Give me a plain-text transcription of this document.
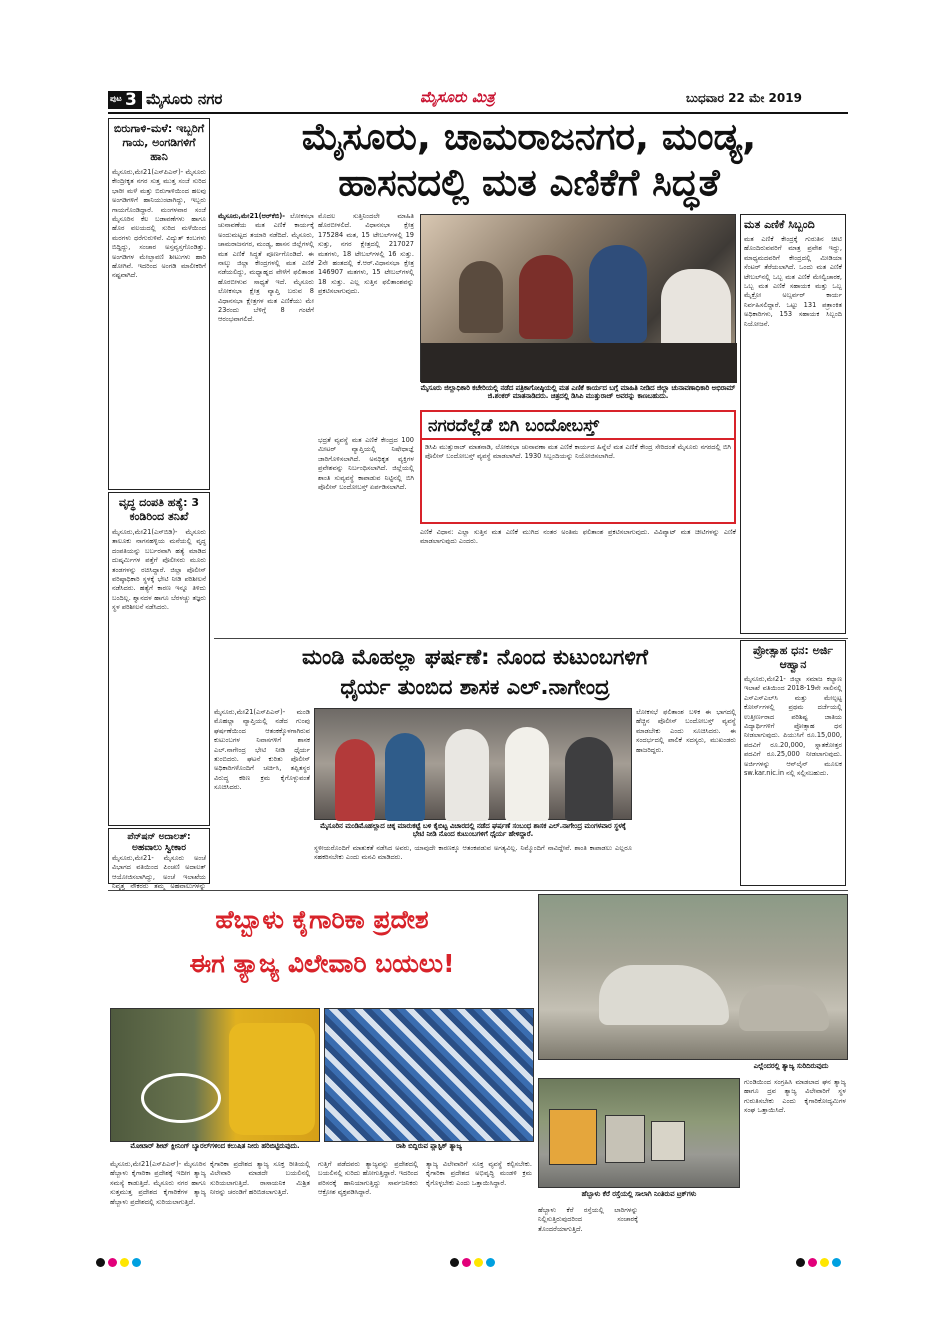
ಪುಟ 3 ಮೈಸೂರು ನಗರ	ಮೈಸೂರು ಮಿತ್ರ	ಬುಧವಾರ 22 ಮೇ 2019
ಮೈಸೂರು, ಚಾಮರಾಜನಗರ, ಮಂಡ್ಯ,
ಹಾಸನದಲ್ಲಿ ಮತ ಎಣಿಕೆಗೆ ಸಿದ್ಧತೆ
ಬಿರುಗಾಳಿ-ಮಳೆ: ಇಬ್ಬರಿಗೆ ಗಾಯ, ಅಂಗಡಿಗಳಿಗೆ ಹಾನಿ
ಮೈಸೂರು,ಮೇ21(ಎಸ್‌ಪಿಎನ್)- ಮೈಸೂರು ಕೇಂದ್ರೀಕೃತ ನಗರ ಸುತ್ತ ಮುತ್ತ ಸಂಜೆ ಸುರಿದ ಭಾರೀ ಮಳೆ ಮತ್ತು ಬಿರುಗಾಳಿಯಿಂದ ಹಲವು ಅಂಗಡಿಗಳಿಗೆ ಹಾನಿಯುಂಟಾಗಿದ್ದು, ಇಬ್ಬರು ಗಾಯಗೊಂಡಿದ್ದಾರೆ. ಮಂಗಳವಾರ ಸಂಜೆ ಮೈಸೂರಿನ ಕೆಲ ಬಡಾವಣೆಗಳು ಹಾಗೂ ಹೊರ ವಲಯದಲ್ಲಿ ಸುರಿದ ಮಳೆಯಿಂದ ಮರಗಳು ಧರೆಗುರುಳಿವೆ. ವಿದ್ಯುತ್ ಕಂಬಗಳು ಬಿದ್ದಿದ್ದು, ಸಂಚಾರ ಅಸ್ತವ್ಯಸ್ತಗೊಂಡಿತ್ತು. ಅಂಗಡಿಗಳ ಮೇಲ್ಛಾವಣಿ ಶೀಟುಗಳು ಹಾರಿ ಹೋಗಿವೆ. ಇದರಿಂದ ಅಂಗಡಿ ಮಾಲೀಕರಿಗೆ ನಷ್ಟವಾಗಿದೆ.
ವೃದ್ಧ ದಂಪತಿ ಹತ್ಯೆ: 3 ಕಂಡಿರಿಂದ ತನಿಖೆ
ಮೈಸೂರು,ಮೇ21(ಎಸ್‌ಬಿಡಿ)- ಮೈಸೂರು ತಾಲೂಕು ನಾಗನಹಳ್ಳಿಯ ಮನೆಯಲ್ಲಿ ವೃದ್ಧ ದಂಪತಿಯನ್ನು ಬರ್ಬರವಾಗಿ ಹತ್ಯೆ ಮಾಡಿದ ದುಷ್ಕರ್ಮಿಗಳ ಪತ್ತೆಗೆ ಪೊಲೀಸರು ಮೂರು ತಂಡಗಳನ್ನು ರಚಿಸಿದ್ದಾರೆ. ಜಿಲ್ಲಾ ಪೊಲೀಸ್ ವರಿಷ್ಠಾಧಿಕಾರಿ ಸ್ಥಳಕ್ಕೆ ಭೇಟಿ ನೀಡಿ ಪರಿಶೀಲನೆ ನಡೆಸಿದರು. ಹತ್ಯೆಗೆ ಕಾರಣ ಇನ್ನೂ ತಿಳಿದು ಬಂದಿಲ್ಲ. ಶ್ವಾನದಳ ಹಾಗೂ ಬೆರಳಚ್ಚು ತಜ್ಞರು ಸ್ಥಳ ಪರಿಶೀಲನೆ ನಡೆಸಿದರು.
ಪೆನ್‌ಷನ್ ಅದಾಲತ್: ಅಹವಾಲು ಸ್ವೀಕಾರ
ಮೈಸೂರು,ಮೇ21- ಮೈಸೂರು ಅಂಚೆ ವಿಭಾಗದ ವತಿಯಿಂದ ಪಿಂಚಣಿ ಅದಾಲತ್ ಆಯೋಜಿಸಲಾಗಿದ್ದು, ಅಂಚೆ ಇಲಾಖೆಯ ನಿವೃತ್ತ ನೌಕರರು ತಮ್ಮ ಅಹವಾಲುಗಳನ್ನು
ಮೈಸೂರು,ಮೇ21(ಆರ್‌ಕೆಬಿ)- ಲೋಕಸಭಾ ಚುನಾವಣೆಯ ಮತ ಎಣಿಕೆ ಕಾರ್ಯಕ್ಕೆ ಅಂದುಮಟ್ಟದ ತಯಾರಿ ನಡೆದಿದೆ. ಮೈಸೂರು, ಚಾಮರಾಜನಗರ, ಮಂಡ್ಯ, ಹಾಸನ ಜಿಲ್ಲೆಗಳಲ್ಲಿ ಮತ ಎಣಿಕೆ ಸಿದ್ಧತೆ ಪೂರ್ಣಗೊಂಡಿದೆ. ಈ ನಾಲ್ಕು ಜಿಲ್ಲಾ ಕೇಂದ್ರಗಳಲ್ಲಿ ಮತ ಎಣಿಕೆ ನಡೆಯಲಿದ್ದು, ಮಧ್ಯಾಹ್ನದ ವೇಳೆಗೆ ಫಲಿತಾಂಶ ಹೊರಬೀಳುವ ಸಾಧ್ಯತೆ ಇದೆ. ಮೈಸೂರು ಲೋಕಸಭಾ ಕ್ಷೇತ್ರ ವ್ಯಾಪ್ತಿ ಬರುವ 8 ವಿಧಾನಸಭಾ ಕ್ಷೇತ್ರಗಳ ಮತ ಎಣಿಕೆಯು ಮೇ 23ರಂದು ಬೆಳಿಗ್ಗೆ 8 ಗಂಟೆಗೆ ಆರಂಭವಾಗಲಿದೆ.
ಮೊದಲ ಸುತ್ತಿನಿಂದಲೇ ಮಾಹಿತಿ ಹೊರಬೀಳಲಿದೆ. ವಿಧಾನಸಭಾ ಕ್ಷೇತ್ರ 175284 ಮತ, 15 ಟೇಬಲ್‌ಗಳಲ್ಲಿ 19 ಸುತ್ತು, ನಗರ ಕ್ಷೇತ್ರದಲ್ಲಿ 217027 ಮತಗಳು, 18 ಟೇಬಲ್‌ಗಳಲ್ಲಿ 16 ಸುತ್ತು. 2ನೇ ಹಂತದಲ್ಲಿ ಕೆ.ಆರ್.ವಿಧಾನಸಭಾ ಕ್ಷೇತ್ರ 146907 ಮತಗಳು, 15 ಟೇಬಲ್‌ಗಳಲ್ಲಿ 18 ಸುತ್ತು. ಎಲ್ಲ ಸುತ್ತಿನ ಫಲಿತಾಂಶವನ್ನು ಪ್ರಕಟಿಸಲಾಗುವುದು.
ಮೈಸೂರು ಜಿಲ್ಲಾಧಿಕಾರಿ ಕಚೇರಿಯಲ್ಲಿ ನಡೆದ ಪತ್ರಿಕಾಗೋಷ್ಠಿಯಲ್ಲಿ ಮತ ಎಣಿಕೆ ಕಾರ್ಯದ ಬಗ್ಗೆ ಮಾಹಿತಿ ನೀಡಿದ ಜಿಲ್ಲಾ ಚುನಾವಣಾಧಿಕಾರಿ ಅಭಿರಾಮ್ ಜಿ.ಶಂಕರ್ ಮಾತನಾಡಿದರು. ಚಿತ್ರದಲ್ಲಿ ಡಿಸಿಪಿ ಮುತ್ತುರಾಜ್ ಅವರನ್ನು ಕಾಣಬಹುದು.
ನಗರದೆಲ್ಲೆಡೆ ಬಿಗಿ ಬಂದೋಬಸ್ತ್
ಡಿಸಿಪಿ ಮುತ್ತುರಾಜ್ ಮಾತನಾಡಿ, ಲೋಕಸಭಾ ಚುನಾವಣಾ ಮತ ಎಣಿಕೆ ಕಾರ್ಯದ ಹಿನ್ನೆಲೆ ಮತ ಎಣಿಕೆ ಕೇಂದ್ರ ಸೇರಿದಂತೆ ಮೈಸೂರು ನಗರದಲ್ಲಿ ಬಿಗಿ ಪೊಲೀಸ್ ಬಂದೋಬಸ್ತ್ ವ್ಯವಸ್ಥೆ ಮಾಡಲಾಗಿದೆ. 1930 ಸಿಬ್ಬಂದಿಯನ್ನು ನಿಯೋಜಿಸಲಾಗಿದೆ.
ಭದ್ರತೆ ವ್ಯವಸ್ಥೆ ಮತ ಎಣಿಕೆ ಕೇಂದ್ರದ 100 ಮೀಟರ್ ವ್ಯಾಪ್ತಿಯಲ್ಲಿ ನಿಷೇಧಾಜ್ಞೆ ಜಾರಿಗೊಳಿಸಲಾಗಿದೆ. ಅನಧಿಕೃತ ವ್ಯಕ್ತಿಗಳ ಪ್ರವೇಶವನ್ನು ನಿರ್ಬಂಧಿಸಲಾಗಿದೆ. ಜಿಲ್ಲೆಯಲ್ಲಿ ಶಾಂತಿ ಸುವ್ಯವಸ್ಥೆ ಕಾಪಾಡುವ ನಿಟ್ಟಿನಲ್ಲಿ ಬಿಗಿ ಪೊಲೀಸ್ ಬಂದೋಬಸ್ತ್ ಏರ್ಪಡಿಸಲಾಗಿದೆ.
ಎಣಿಕೆ ವಿಧಾನ: ಎಲ್ಲಾ ಸುತ್ತಿನ ಮತ ಎಣಿಕೆ ಮುಗಿದ ನಂತರ ಅಂತಿಮ ಫಲಿತಾಂಶ ಪ್ರಕಟಿಸಲಾಗುವುದು. ವಿವಿಪ್ಯಾಟ್ ಮತ ಚೀಟಿಗಳನ್ನು ಎಣಿಕೆ ಮಾಡಲಾಗುವುದು ಎಂದರು.
ಮತ ಎಣಿಕೆ ಸಿಬ್ಬಂದಿ
ಮತ ಎಣಿಕೆ ಕೇಂದ್ರಕ್ಕೆ ಗುರುತಿನ ಚೀಟಿ ಹೊಂದಿರುವವರಿಗೆ ಮಾತ್ರ ಪ್ರವೇಶ ಇದ್ದು, ಮಾಧ್ಯಮದವರಿಗೆ ಕೇಂದ್ರದಲ್ಲಿ ಮೀಡಿಯಾ ಸೆಂಟರ್ ತೆರೆಯಲಾಗಿದೆ. ಒಂದು ಮತ ಎಣಿಕೆ ಟೇಬಲ್‌ನಲ್ಲಿ ಒಬ್ಬ ಮತ ಎಣಿಕೆ ಮೇಲ್ವಿಚಾರಕ, ಒಬ್ಬ ಮತ ಎಣಿಕೆ ಸಹಾಯಕ ಮತ್ತು ಒಬ್ಬ ಮೈಕ್ರೋ ಅಬ್ಸರ್ವರ್ ಕಾರ್ಯ ನಿರ್ವಹಿಸಲಿದ್ದಾರೆ. ಒಟ್ಟು 131 ಪತ್ರಾಂಕಿತ ಅಧಿಕಾರಿಗಳು, 153 ಸಹಾಯಕ ಸಿಬ್ಬಂದಿ ನಿಯೋಜನೆ.
ಮಂಡಿ ಮೊಹಲ್ಲಾ ಘರ್ಷಣೆ: ನೊಂದ ಕುಟುಂಬಗಳಿಗೆ
ಧೈರ್ಯ ತುಂಬಿದ ಶಾಸಕ ಎಲ್.ನಾಗೇಂದ್ರ
ಮೈಸೂರು,ಮೇ21(ಎಸ್‌ಪಿಎನ್)- ಮಂಡಿ ಮೊಹಲ್ಲಾ ವ್ಯಾಪ್ತಿಯಲ್ಲಿ ನಡೆದ ಗುಂಪು ಘರ್ಷಣೆಯಿಂದ ಆತಂಕಕ್ಕೊಳಗಾಗಿರುವ ಕುಟುಂಬಗಳ ನಿವಾಸಗಳಿಗೆ ಶಾಸಕ ಎಲ್.ನಾಗೇಂದ್ರ ಭೇಟಿ ನೀಡಿ ಧೈರ್ಯ ತುಂಬಿದರು. ಘಟನೆ ಕುರಿತು ಪೊಲೀಸ್ ಅಧಿಕಾರಿಗಳೊಂದಿಗೆ ಚರ್ಚಿಸಿ, ತಪ್ಪಿತಸ್ಥರ ವಿರುದ್ಧ ಕಠಿಣ ಕ್ರಮ ಕೈಗೊಳ್ಳುವಂತೆ ಸೂಚಿಸಿದರು.
ಮೈಸೂರಿನ ಮಂಡಿಮೊಹಲ್ಲಾದ ಚಿಕ್ಕ ಮಾರುಕಟ್ಟೆ ಬಳಿ ಕೈಬಿಟ್ಟ ವಿಚಾರದಲ್ಲಿ ನಡೆದ ಘರ್ಷಣೆ ಸಂಬಂಧ ಶಾಸಕ ಎಲ್.ನಾಗೇಂದ್ರ ಮಂಗಳವಾರ ಸ್ಥಳಕ್ಕೆ ಭೇಟಿ ನೀಡಿ ನೊಂದ ಕುಟುಂಬಗಳಿಗೆ ಧೈರ್ಯ ಹೇಳಿದ್ದಾರೆ.
ಸ್ಥಳೀಯರೊಂದಿಗೆ ಮಾತುಕತೆ ನಡೆಸಿದ ಅವರು, ಯಾವುದೇ ಕಾರಣಕ್ಕೂ ಆತಂಕಪಡುವ ಅಗತ್ಯವಿಲ್ಲ. ನಿಮ್ಮೊಂದಿಗೆ ನಾವಿದ್ದೇವೆ. ಶಾಂತಿ ಕಾಪಾಡಲು ಎಲ್ಲರೂ ಸಹಕರಿಸಬೇಕು ಎಂದು ಮನವಿ ಮಾಡಿದರು.
ಲೋಕಸಭೆ ಫಲಿತಾಂಶ ಬಳಿಕ ಈ ಭಾಗದಲ್ಲಿ ಹೆಚ್ಚಿನ ಪೊಲೀಸ್ ಬಂದೋಬಸ್ತ್ ವ್ಯವಸ್ಥೆ ಮಾಡಬೇಕು ಎಂದು ಸೂಚಿಸಿದರು. ಈ ಸಂದರ್ಭದಲ್ಲಿ ಪಾಲಿಕೆ ಸದಸ್ಯರು, ಮುಖಂಡರು ಹಾಜರಿದ್ದರು.
ಪ್ರೋತ್ಸಾಹ ಧನ: ಅರ್ಜಿ ಆಹ್ವಾನ
ಮೈಸೂರು,ಮೇ21- ಜಿಲ್ಲಾ ಸಮಾಜ ಕಲ್ಯಾಣ ಇಲಾಖೆ ವತಿಯಿಂದ 2018-19ನೇ ಸಾಲಿನಲ್ಲಿ ಎಸ್‌ಎಸ್‌ಎಲ್‌ಸಿ ಮತ್ತು ಮೇಲ್ಪಟ್ಟ ಕೋರ್ಸ್‌ಗಳಲ್ಲಿ ಪ್ರಥಮ ದರ್ಜೆಯಲ್ಲಿ ಉತ್ತೀರ್ಣರಾದ ಪರಿಶಿಷ್ಟ ಜಾತಿಯ ವಿದ್ಯಾರ್ಥಿಗಳಿಗೆ ಪ್ರೋತ್ಸಾಹ ಧನ ನೀಡಲಾಗುವುದು. ಪಿಯುಸಿಗೆ ರೂ.15,000, ಪದವಿಗೆ ರೂ.20,000, ಸ್ನಾತಕೋತ್ತರ ಪದವಿಗೆ ರೂ.25,000 ನೀಡಲಾಗುವುದು. ಅರ್ಜಿಗಳನ್ನು ಆನ್‌ಲೈನ್ ಮೂಲಕ sw.kar.nic.in ನಲ್ಲಿ ಸಲ್ಲಿಸಬಹುದು.
ಹೆಬ್ಬಾಳು ಕೈಗಾರಿಕಾ ಪ್ರದೇಶ
ಈಗ ತ್ಯಾಜ್ಯ ವಿಲೇವಾರಿ ಬಯಲು!
ಎಲ್ಲೆಂದರಲ್ಲಿ ತ್ಯಾಜ್ಯ ಸುರಿದಿರುವುದು
ಮೋಟಾರ್ ಶೀಟ್ ಕ್ಲೀನಿಂಗ್ ಬ್ಯಾರಲ್‌ಗಳಿಂದ ಕಲುಷಿತ ನೀರು ಹರಿಬಿಟ್ಟಿರುವುದು.	ರಾಶಿ ಬಿದ್ದಿರುವ ಪ್ಲಾಸ್ಟಿಕ್ ತ್ಯಾಜ್ಯ
ಹೆಬ್ಬಾಳು ಕೆರೆ ರಸ್ತೆಯಲ್ಲಿ ಸಾಲಾಗಿ ನಿಂತಿರುವ ಟ್ರಕ್‌ಗಳು
ಮೈಸೂರು,ಮೇ21(ಎಸ್‌ಪಿಎನ್)- ಮೈಸೂರಿನ ಹೆಬ್ಬಾಳು ಕೈಗಾರಿಕಾ ಪ್ರದೇಶಕ್ಕೆ ಇದೀಗ ತ್ಯಾಜ್ಯ ಸಮಸ್ಯೆ ಕಾಡುತ್ತಿದೆ. ಮೈಸೂರು ನಗರ ಹಾಗೂ ಸುತ್ತಮುತ್ತ ಪ್ರದೇಶದ ಕೈಗಾರಿಕೆಗಳ ತ್ಯಾಜ್ಯ ಹೆಬ್ಬಾಳು ಪ್ರದೇಶದಲ್ಲಿ ಸುರಿಯಲಾಗುತ್ತಿದೆ.
ಕೈಗಾರಿಕಾ ಪ್ರದೇಶದ ತ್ಯಾಜ್ಯ ಸೂಕ್ತ ರೀತಿಯಲ್ಲಿ ವಿಲೇವಾರಿ ಮಾಡದೇ ಬಯಲಿನಲ್ಲಿ ಸುರಿಯಲಾಗುತ್ತಿದೆ. ರಾಸಾಯನಿಕ ಮಿಶ್ರಿತ ನೀರನ್ನು ಚರಂಡಿಗೆ ಹರಿಬಿಡಲಾಗುತ್ತಿದೆ.
ಗುತ್ತಿಗೆ ಪಡೆದವರು ತ್ಯಾಜ್ಯವನ್ನು ಪ್ರದೇಶದಲ್ಲಿ ಬಯಲಿನಲ್ಲಿ ಸುರಿದು ಹೋಗುತ್ತಿದ್ದಾರೆ. ಇದರಿಂದ ಪರಿಸರಕ್ಕೆ ಹಾನಿಯಾಗುತ್ತಿದ್ದು ಸಾರ್ವಜನಿಕರು ಆಕ್ರೋಶ ವ್ಯಕ್ತಪಡಿಸಿದ್ದಾರೆ.
ತ್ಯಾಜ್ಯ ವಿಲೇವಾರಿಗೆ ಸೂಕ್ತ ವ್ಯವಸ್ಥೆ ಕಲ್ಪಿಸಬೇಕು. ಕೈಗಾರಿಕಾ ಪ್ರದೇಶದ ಅಭಿವೃದ್ಧಿ ಮಂಡಳಿ ಕ್ರಮ ಕೈಗೊಳ್ಳಬೇಕು ಎಂದು ಒತ್ತಾಯಿಸಿದ್ದಾರೆ.
ಹೆಬ್ಬಾಳು ಕೆರೆ ರಸ್ತೆಯಲ್ಲಿ ಲಾರಿಗಳನ್ನು ನಿಲ್ಲಿಸುತ್ತಿರುವುದರಿಂದ ಸಂಚಾರಕ್ಕೆ ತೊಂದರೆಯಾಗುತ್ತಿದೆ.
ಗುಂಡಿಯಿಂದ ಸಂಗ್ರಹಿಸಿ ಮಾಡಲಾದ ಘನ ತ್ಯಾಜ್ಯ ಹಾಗೂ ದ್ರವ ತ್ಯಾಜ್ಯ ವಿಲೇವಾರಿಗೆ ಸ್ಥಳ ಗುರುತಿಸಬೇಕು ಎಂದು ಕೈಗಾರಿಕೋದ್ಯಮಿಗಳ ಸಂಘ ಒತ್ತಾಯಿಸಿದೆ.
